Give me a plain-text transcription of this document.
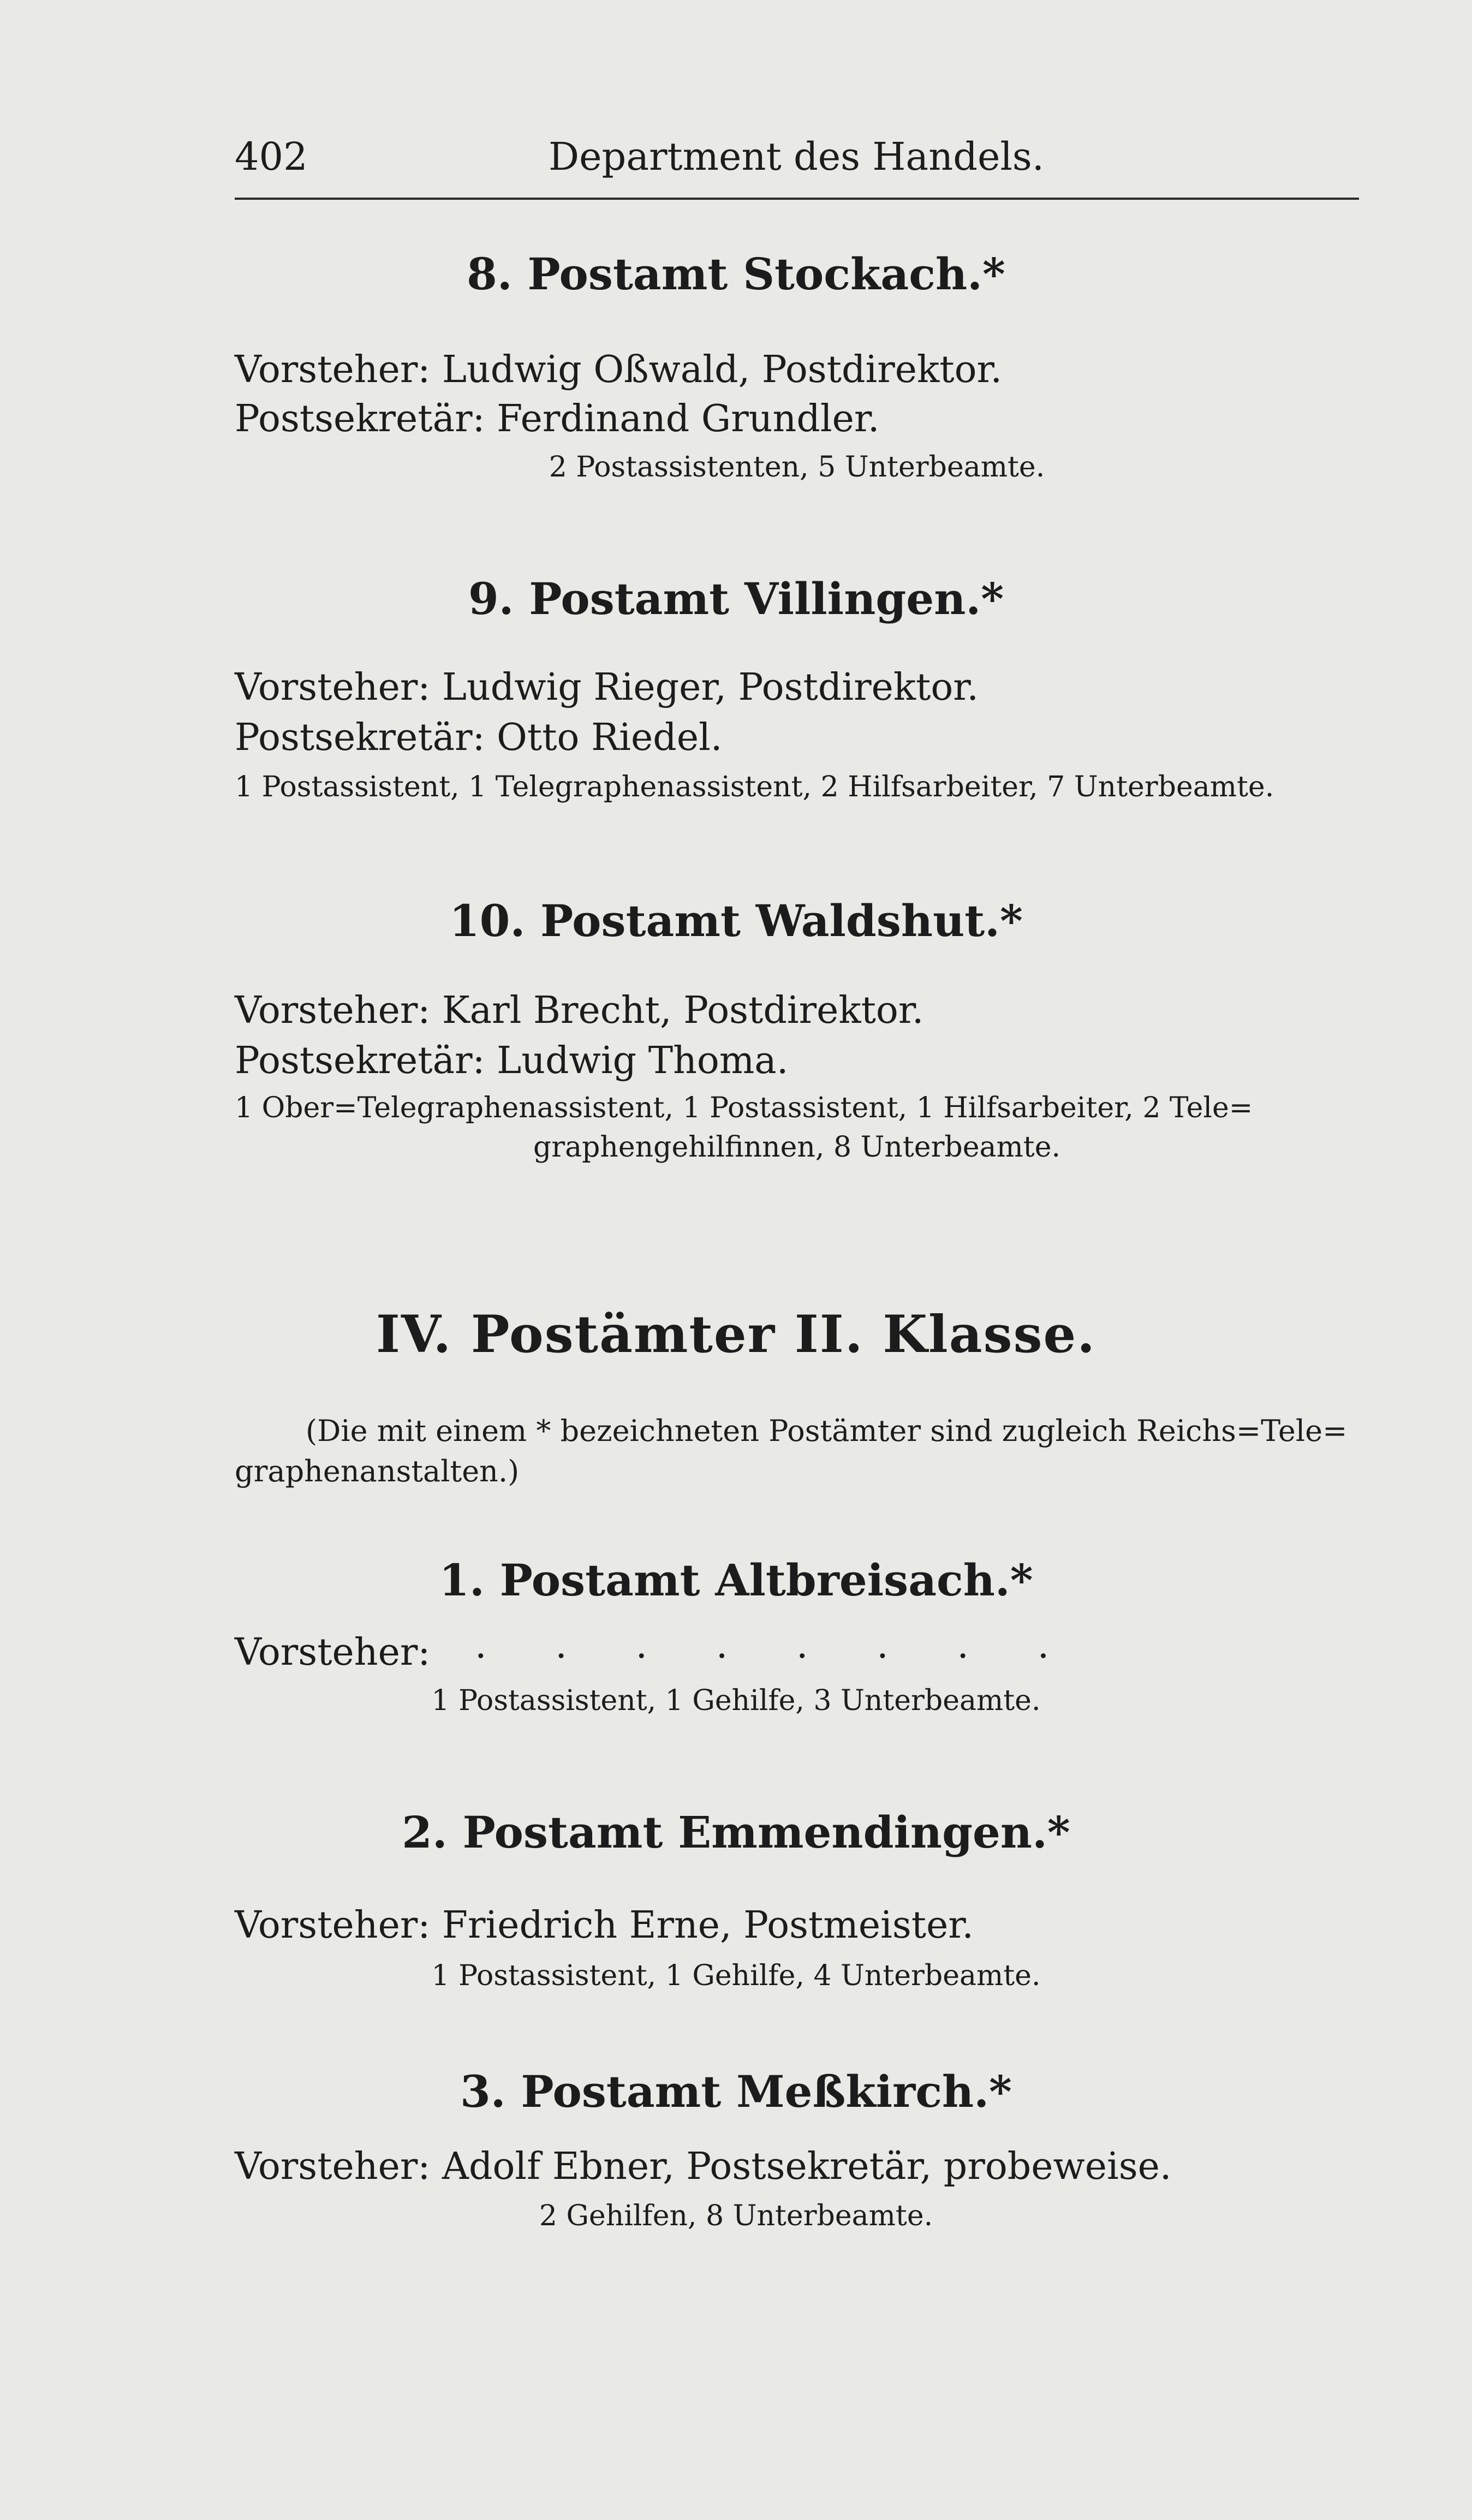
402	Department des Handels.
8. Postamt Stockach.*
Vorsteher: Ludwig Oßwald, Postdirektor.
Postsekretär: Ferdinand Grundler.
2 Postassistenten, 5 Unterbeamte.
9. Postamt Villingen.*
Vorsteher: Ludwig Rieger, Postdirektor.
Postsekretär: Otto Riedel.
1 Postassistent, 1 Telegraphenassistent, 2 Hilfsarbeiter, 7 Unterbeamte.
10. Postamt Waldshut.*
Vorsteher: Karl Brecht, Postdirektor.
Postsekretär: Ludwig Thoma.
1 Ober=Telegraphenassistent, 1 Postassistent, 1 Hilfsarbeiter, 2 Tele=
graphengehilfinnen, 8 Unterbeamte.
IV. Postämter II. Klasse.
(Die mit einem * bezeichneten Postämter sind zugleich Reichs=Tele=
graphenanstalten.)
1. Postamt Altbreisach.*
Vorsteher: . . . . . . . .
1 Postassistent, 1 Gehilfe, 3 Unterbeamte.
2. Postamt Emmendingen.*
Vorsteher: Friedrich Erne, Postmeister.
1 Postassistent, 1 Gehilfe, 4 Unterbeamte.
3. Postamt Meßkirch.*
Vorsteher: Adolf Ebner, Postsekretär, probeweise.
2 Gehilfen, 8 Unterbeamte.
